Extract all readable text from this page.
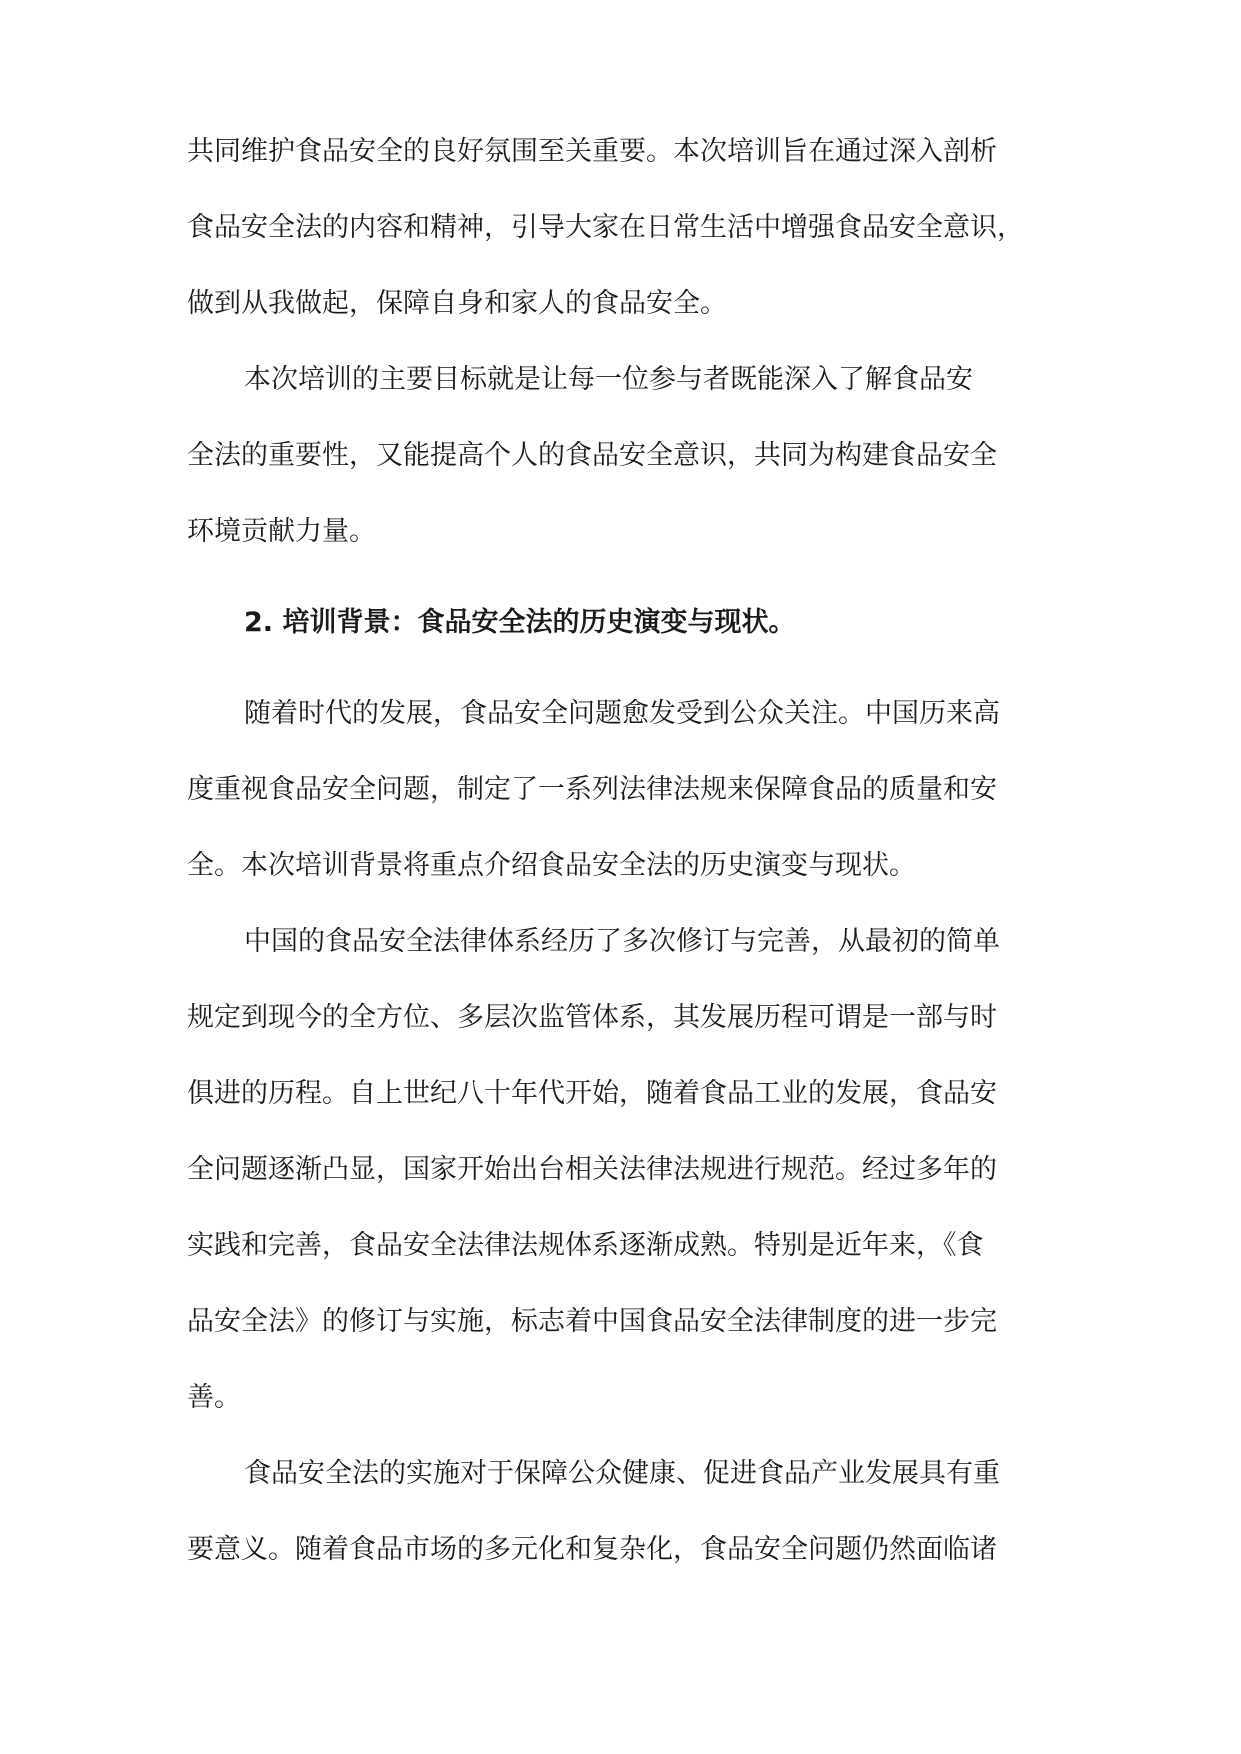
共同维护食品安全的良好氛围至关重要。本次培训旨在通过深入剖析
食品安全法的内容和精神，引导大家在日常生活中增强食品安全意识，
做到从我做起，保障自身和家人的食品安全。
本次培训的主要目标就是让每一位参与者既能深入了解食品安
全法的重要性，又能提高个人的食品安全意识，共同为构建食品安全
环境贡献力量。
2. 培训背景：食品安全法的历史演变与现状。
随着时代的发展，食品安全问题愈发受到公众关注。中国历来高
度重视食品安全问题，制定了一系列法律法规来保障食品的质量和安
全。本次培训背景将重点介绍食品安全法的历史演变与现状。
中国的食品安全法律体系经历了多次修订与完善，从最初的简单
规定到现今的全方位、多层次监管体系，其发展历程可谓是一部与时
俱进的历程。自上世纪八十年代开始，随着食品工业的发展，食品安
全问题逐渐凸显，国家开始出台相关法律法规进行规范。经过多年的
实践和完善，食品安全法律法规体系逐渐成熟。特别是近年来，《食
品安全法》的修订与实施，标志着中国食品安全法律制度的进一步完
善。
食品安全法的实施对于保障公众健康、促进食品产业发展具有重
要意义。随着食品市场的多元化和复杂化，食品安全问题仍然面临诸
